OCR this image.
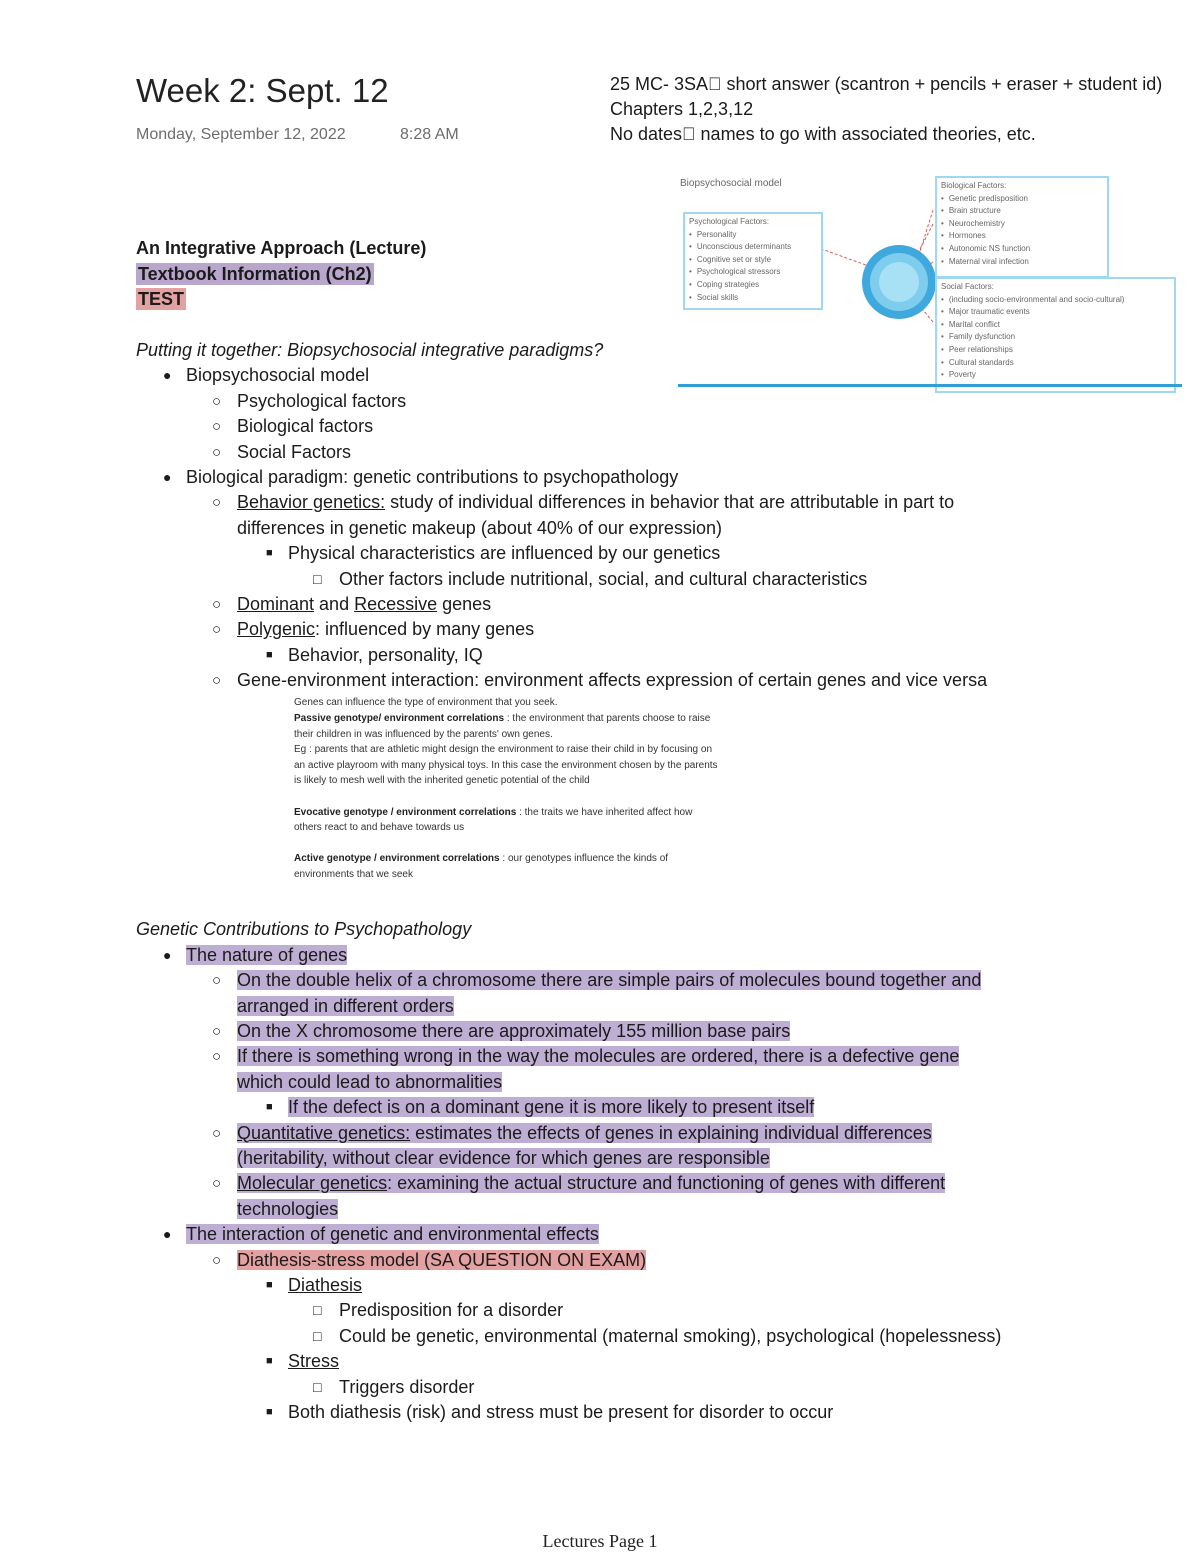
Week 2: Sept. 12
Monday, September 12, 2022	8:28 AM
25 MC- 3SA⃣ short answer (scantron + pencils + eraser + student id)
Chapters 1,2,3,12
No dates⃣ names to go with associated theories, etc.
Biopsychosocial model
Psychological Factors:
• Personality
• Unconscious determinants
• Cognitive set or style
• Psychological stressors
• Coping strategies
• Social skills
Biological Factors:
• Genetic predisposition
• Brain structure
• Neurochemistry
• Hormones
• Autonomic NS function
• Maternal viral infection
Social Factors:
• (including socio-environmental and socio-cultural)
• Major traumatic events
• Marital conflict
• Family dysfunction
• Peer relationships
• Cultural standards
• Poverty
An Integrative Approach (Lecture)
Textbook Information (Ch2)
TEST
Putting it together: Biopsychosocial integrative paradigms?
● Biopsychosocial model
○ Psychological factors
○ Biological factors
○ Social Factors
● Biological paradigm: genetic contributions to psychopathology
○ Behavior genetics: study of individual differences in behavior that are attributable in part to
differences in genetic makeup (about 40% of our expression)
■ Physical characteristics are influenced by our genetics
□ Other factors include nutritional, social, and cultural characteristics
○ Dominant and Recessive genes
○ Polygenic: influenced by many genes
■ Behavior, personality, IQ
○ Gene-environment interaction: environment affects expression of certain genes and vice versa
Genes can influence the type of environment that you seek.
Passive genotype/ environment correlations : the environment that parents choose to raise
their children in was influenced by the parents' own genes.
Eg : parents that are athletic might design the environment to raise their child in by focusing on
an active playroom with many physical toys. In this case the environment chosen by the parents
is likely to mesh well with the inherited genetic potential of the child
Evocative genotype / environment correlations : the traits we have inherited affect how
others react to and behave towards us
Active genotype / environment correlations : our genotypes influence the kinds of
environments that we seek
Genetic Contributions to Psychopathology
● The nature of genes
○ On the double helix of a chromosome there are simple pairs of molecules bound together and
arranged in different orders
○ On the X chromosome there are approximately 155 million base pairs
○ If there is something wrong in the way the molecules are ordered, there is a defective gene
which could lead to abnormalities
■ If the defect is on a dominant gene it is more likely to present itself
○ Quantitative genetics: estimates the effects of genes in explaining individual differences
(heritability, without clear evidence for which genes are responsible
○ Molecular genetics: examining the actual structure and functioning of genes with different
technologies
● The interaction of genetic and environmental effects
○ Diathesis-stress model (SA QUESTION ON EXAM)
■ Diathesis
□ Predisposition for a disorder
□ Could be genetic, environmental (maternal smoking), psychological (hopelessness)
■ Stress
□ Triggers disorder
■ Both diathesis (risk) and stress must be present for disorder to occur
Lectures Page 1
